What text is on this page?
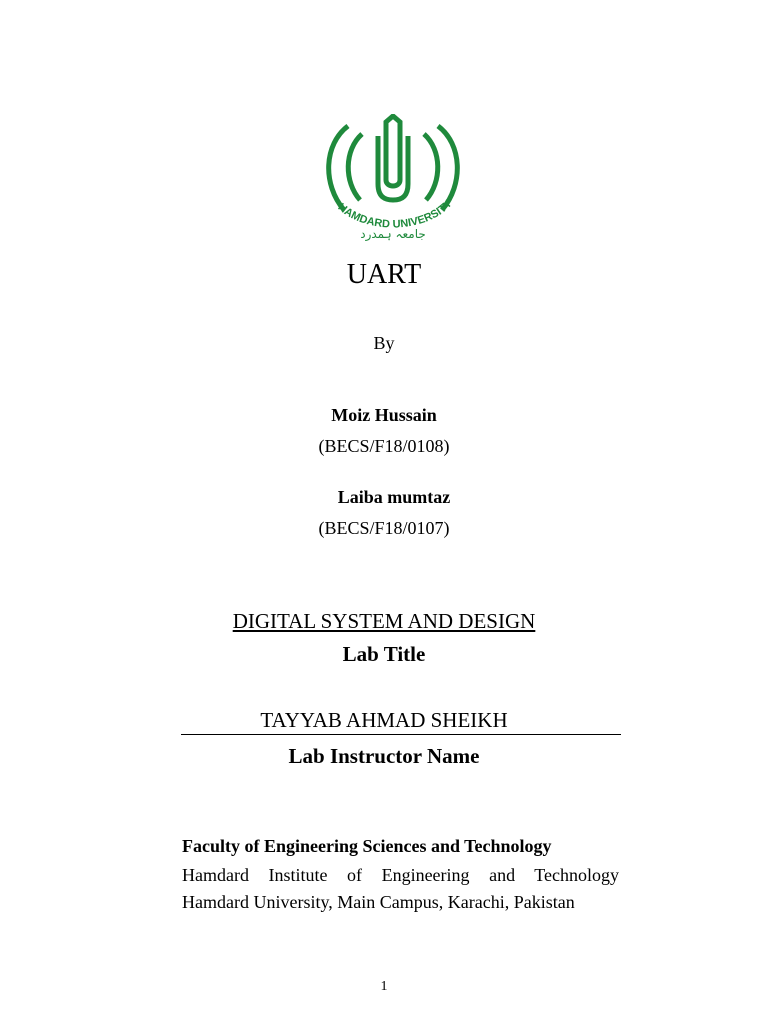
HAMDARD UNIVERSITY
جامعہ ہمدرد
UART
By
Moiz Hussain
(BECS/F18/0108)
Laiba mumtaz
(BECS/F18/0107)
DIGITAL SYSTEM AND DESIGN
Lab Title
TAYYAB AHMAD SHEIKH
Lab Instructor Name
Faculty of Engineering Sciences and Technology
Hamdard Institute of Engineering and Technology
Hamdard University, Main Campus, Karachi, Pakistan
1
